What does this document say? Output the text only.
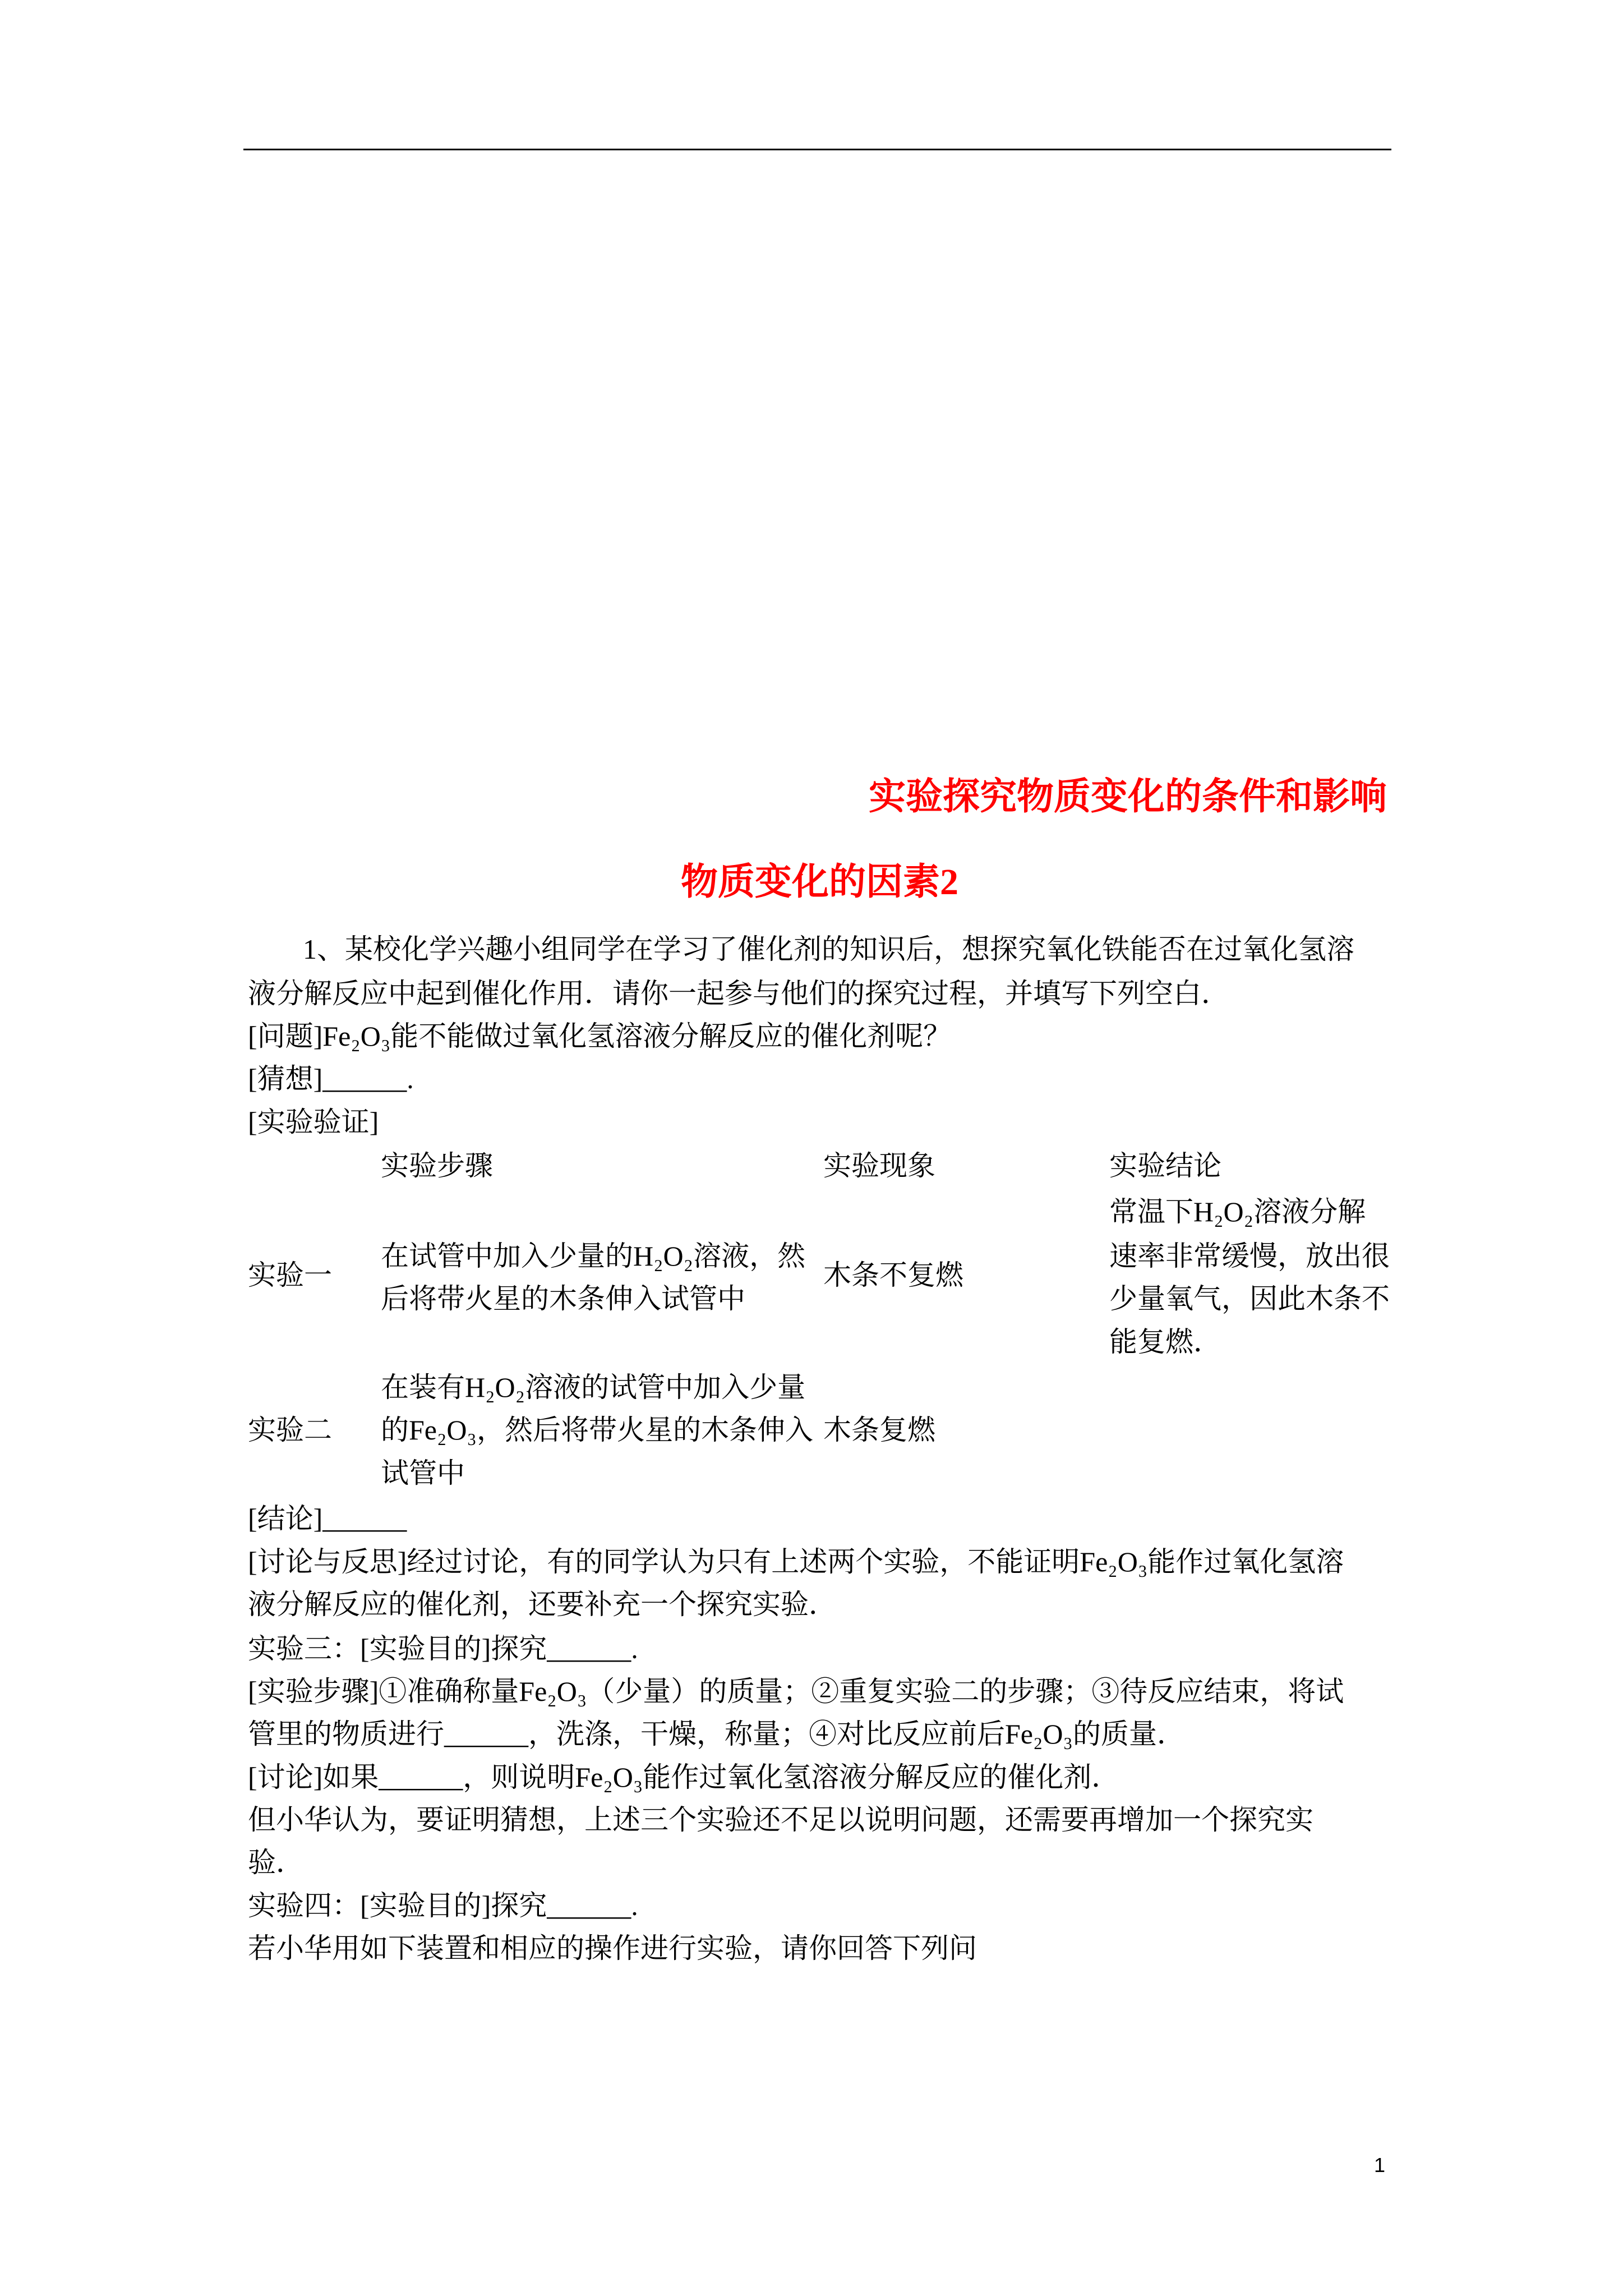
实验探究物质变化的条件和影响
物质变化的因素2
1、某校化学兴趣小组同学在学习了催化剂的知识后，想探究氧化铁能否在过氧化氢溶
液分解反应中起到催化作用．请你一起参与他们的探究过程，并填写下列空白．
[问题]Fe₂O₃能不能做过氧化氢溶液分解反应的催化剂呢？
[猜想]______.
[实验验证]
实验步骤	实验现象	实验结论
实验一
在试管中加入少量的H₂O₂溶液，然
后将带火星的木条伸入试管中
木条不复燃
常温下H₂O₂溶液分解
速率非常缓慢，放出很
少量氧气，因此木条不
能复燃．
实验二
在装有H₂O₂溶液的试管中加入少量
的Fe₂O₃，然后将带火星的木条伸入
试管中
木条复燃
[结论]______
[讨论与反思]经过讨论，有的同学认为只有上述两个实验，不能证明Fe₂O₃能作过氧化氢溶
液分解反应的催化剂，还要补充一个探究实验．
实验三：[实验目的]探究______.
[实验步骤]①准确称量Fe₂O₃（少量）的质量；②重复实验二的步骤；③待反应结束，将试
管里的物质进行______，洗涤，干燥，称量；④对比反应前后Fe₂O₃的质量．
[讨论]如果______，则说明Fe₂O₃能作过氧化氢溶液分解反应的催化剂．
但小华认为，要证明猜想，上述三个实验还不足以说明问题，还需要再增加一个探究实
验．
实验四：[实验目的]探究______.
若小华用如下装置和相应的操作进行实验，请你回答下列问
1
